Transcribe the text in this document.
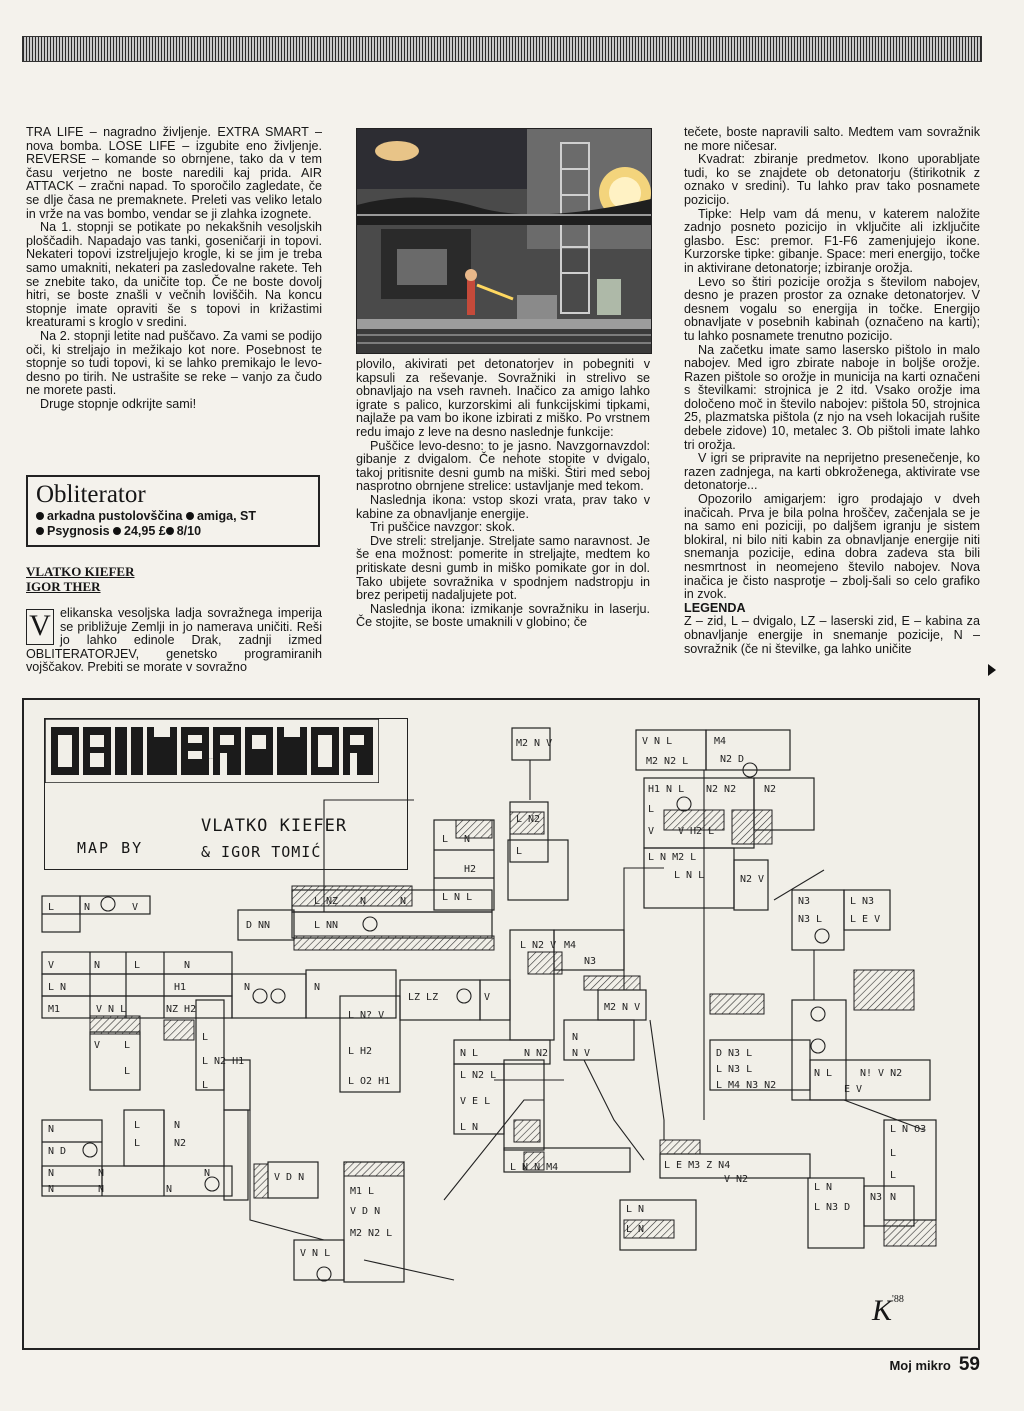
TRA LIFE – nagradno življenje. EXTRA SMART – nova bomba. LOSE LIFE – izgubite eno življenje. REVERSE – komande so obrnjene, tako da v tem času verjetno ne boste naredili kaj prida. AIR ATTACK – zračni napad. To sporočilo zagledate, če se dlje časa ne premaknete. Preleti vas veliko letalo in vrže na vas bombo, vendar se ji zlahka izognete.

Na 1. stopnji se potikate po nekakšnih vesoljskih ploščadih. Napadajo vas tanki, goseničarji in topovi. Nekateri topovi izstreljujejo krogle, ki se jim je treba samo umakniti, nekateri pa zasledovalne rakete. Teh se znebite tako, da uničite top. Če ne boste dovolj hitri, se boste znašli v večnih loviščih. Na koncu stopnje imate opraviti še s topovi in križastimi kreaturami s kroglo v sredini.

Na 2. stopnji letite nad puščavo. Za vami se podijo oči, ki streljajo in mežikajo kot nore. Posebnost te stopnje so tudi topovi, ki se lahko premikajo le levo-desno po tirih. Ne ustrašite se reke – vanjo za čudo ne morete pasti.

Druge stopnje odkrijte sami!

Obliterator
arkadna pustolovščina amiga, ST
Psygnosis 24,95 £ 8/10
VLATKO KIEFER
IGOR THER
V elikanska vesoljska ladja sovražnega imperija se približuje Zemlji in jo namerava uničiti. Reši jo lahko edinole Drak, zadnji izmed OBLITERATORJEV, genetsko programiranih vojščakov. Prebiti se morate v sovražno

plovilo, akivirati pet detonatorjev in pobegniti v kapsuli za reševanje. Sovražniki in strelivo se obnavljajo na vseh ravneh. Inačico za amigo lahko igrate s palico, kurzorskimi ali funkcijskimi tipkami, najlaže pa vam bo ikone izbirati z miško. Po vrstnem redu imajo z leve na desno naslednje funkcije:

Puščice levo-desno: to je jasno. Navzgornavzdol: gibanje z dvigalom. Če nehote stopite v dvigalo, takoj pritisnite desni gumb na miški. Štiri med seboj nasprotno obrnjene strelice: ustavljanje med tekom.

Naslednja ikona: vstop skozi vrata, prav tako v kabine za obnavljanje energije.

Tri puščice navzgor: skok.

Dve streli: streljanje. Streljate samo naravnost. Je še ena možnost: pomerite in streljajte, medtem ko pritiskate desni gumb in miško pomikate gor in dol. Tako ubijete sovražnika v spodnjem nadstropju in brez peripetij nadaljujete pot.

Naslednja ikona: izmikanje sovražniku in laserju. Če stojite, se boste umaknili v globino; če

tečete, boste napravili salto. Medtem vam sovražnik ne more ničesar.

Kvadrat: zbiranje predmetov. Ikono uporabljate tudi, ko se znajdete ob detonatorju (štirikotnik z oznako v sredini). Tu lahko prav tako posnamete pozicijo.

Tipke: Help vam dá menu, v katerem naložite zadnjo posneto pozicijo in vključite ali izključite glasbo. Esc: premor. F1-F6 zamenjujejo ikone. Kurzorske tipke: gibanje. Space: meri energijo, točke in aktivirane detonatorje; izbiranje orožja.

Levo so štiri pozicije orožja s številom nabojev, desno je prazen prostor za oznake detonatorjev. V desnem vogalu so energija in točke. Energijo obnavljate v posebnih kabinah (označeno na karti); tu lahko posnamete trenutno pozicijo.

Na začetku imate samo lasersko pištolo in malo nabojev. Med igro zbirate naboje in boljše orožje. Razen pištole so orožje in municija na karti označeni s številkami: strojnica je 2 itd. Vsako orožje ima določeno moč in število nabojev: pištola 50, strojnica 25, plazmatska pištola (z njo na vseh lokacijah rušite debele zidove) 10, metalec 3. Ob pištoli imate lahko tri orožja.

V igri se pripravite na neprijetno presenečenje, ko razen zadnjega, na karti obkroženega, aktivirate vse detonatorje...

Opozorilo amigarjem: igro prodajajo v dveh inačicah. Prva je bila polna hroščev, začenjala se je na samo eni poziciji, po daljšem igranju je sistem blokiral, ni bilo niti kabin za obnavljanje energije niti snemanja pozicije, edina dobra zadeva sta bili nesmrtnost in neomejeno število nabojev. Nova inačica je čisto nasprotje – zbolj-šali so celo grafiko in zvok.

LEGENDA

Z – zid, L – dvigalo, LZ – laserski zid, E – kabina za obnavljanje energije in snemanje pozicije, N – sovražnik (če ni številke, ga lahko uničite

L	N	V
V	N	L	N
L N	H1
M1	V N L	NZ H2
N	N
D NN	L NN
L NZ N	N
L N
H2
L N L
M2 N V
L N2
L
L N2 V M4
N3
LZ LZ	V
L N? V
L H2
L O2 H1
N L
L N2 L
N N2
V E L
L N
L N N M4
N
N V
M2 N V
V D N
M1 L
V D N
M2 N2 L
V N L
N
N D
N
N
N
N	N
N
L
L
N
N2
V L
L
L
L N2 H1
L
V N L
M2 N2 L
M4
N2 D
H1 N L N2 N2	N2
L
V V H2 L
L N M2 L
L N L	N2 V
N3
N3 L
L N3
L E V
D N3 L
L N3 L
L M4 N3 N2
N L	N! V N2
E V
L N O3
L
L
N
L E M3 Z N4
V N2
L N
L N
L N
L N3 D
N3
OBLITERATOR
MAP BY
VLATKO KIEFER
& IGOR TOMIĆ
$K^{'88}$
Moj mikro 59
